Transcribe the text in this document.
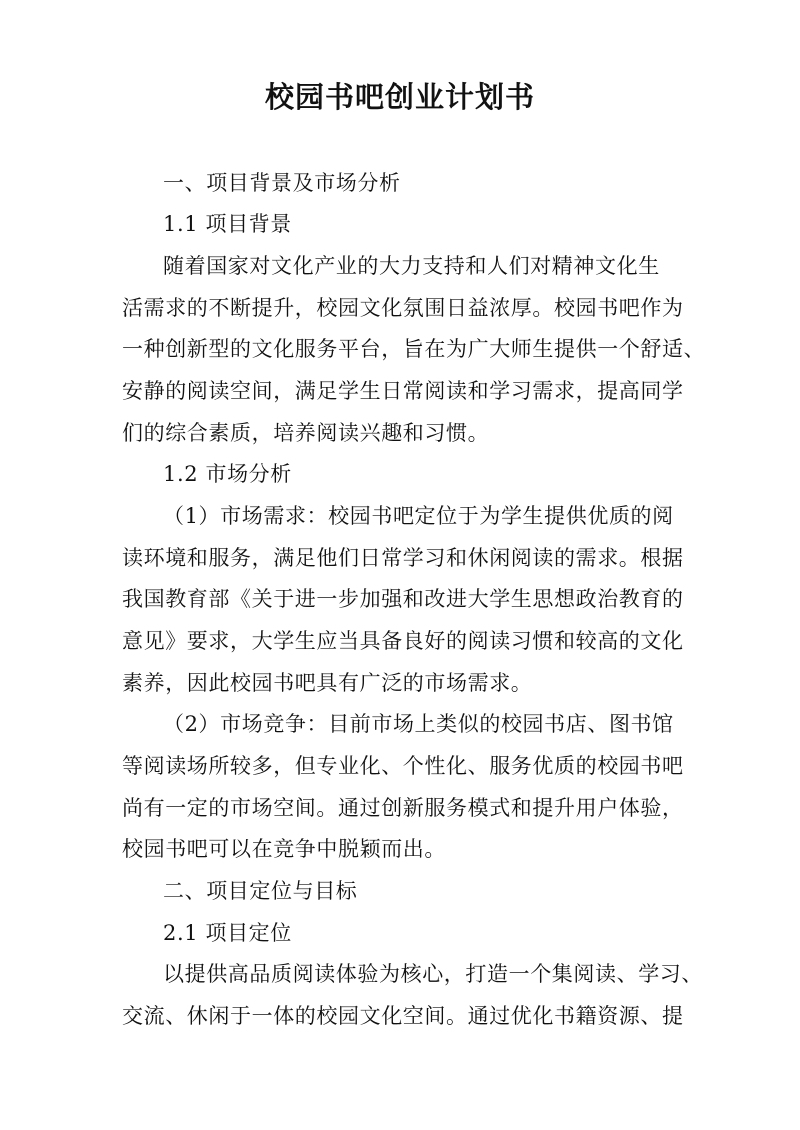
校园书吧创业计划书
一、项目背景及市场分析
1.1 项目背景
随着国家对文化产业的大力支持和人们对精神文化生
活需求的不断提升，校园文化氛围日益浓厚。校园书吧作为
一种创新型的文化服务平台，旨在为广大师生提供一个舒适、
安静的阅读空间，满足学生日常阅读和学习需求，提高同学
们的综合素质，培养阅读兴趣和习惯。
1.2 市场分析
（1）市场需求：校园书吧定位于为学生提供优质的阅
读环境和服务，满足他们日常学习和休闲阅读的需求。根据
我国教育部《关于进一步加强和改进大学生思想政治教育的
意见》要求，大学生应当具备良好的阅读习惯和较高的文化
素养，因此校园书吧具有广泛的市场需求。
（2）市场竞争：目前市场上类似的校园书店、图书馆
等阅读场所较多，但专业化、个性化、服务优质的校园书吧
尚有一定的市场空间。通过创新服务模式和提升用户体验，
校园书吧可以在竞争中脱颖而出。
二、项目定位与目标
2.1 项目定位
以提供高品质阅读体验为核心，打造一个集阅读、学习、
交流、休闲于一体的校园文化空间。通过优化书籍资源、提
